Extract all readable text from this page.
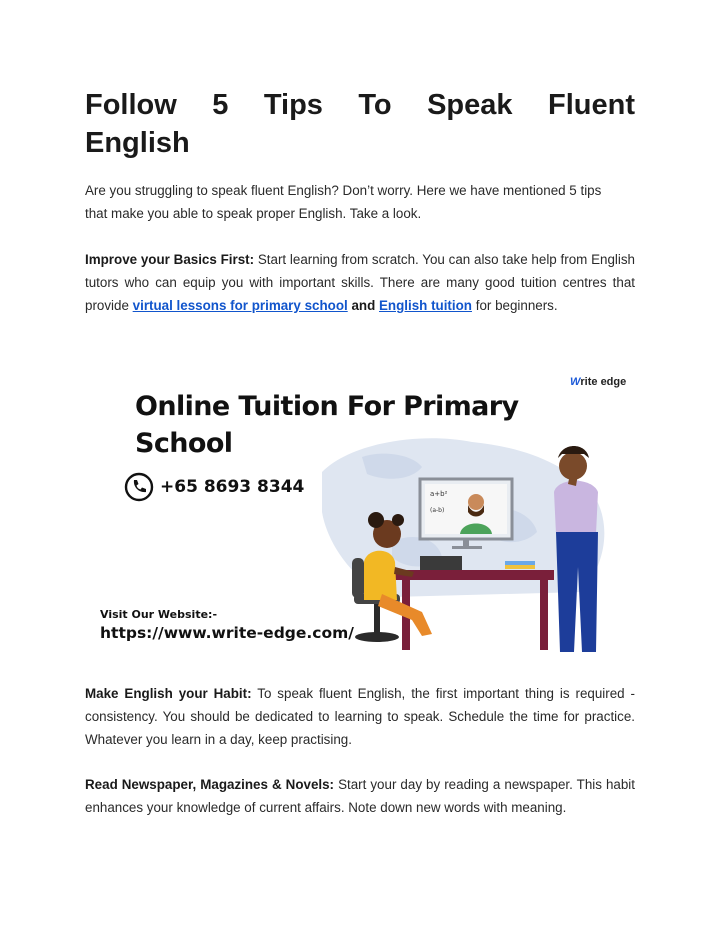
Follow 5 Tips To Speak Fluent
English
Are you struggling to speak fluent English? Don’t worry. Here we have mentioned 5 tips
that make you able to speak proper English. Take a look.

Improve your Basics First: Start learning from scratch. You can also take help from English tutors who can equip you with important skills. There are many good tuition centres that provide virtual lessons for primary school and English tuition for beginners.

a+b²
(a-b)
Write edge
Online Tuition For Primary
School
+65 8693 8344
Visit Our Website:-
https://www.write-edge.com/

Make English your Habit: To speak fluent English, the first important thing is required - consistency. You should be dedicated to learning to speak. Schedule the time for practice. Whatever you learn in a day, keep practising.

Read Newspaper, Magazines & Novels: Start your day by reading a newspaper. This habit enhances your knowledge of current affairs. Note down new words with meaning.
